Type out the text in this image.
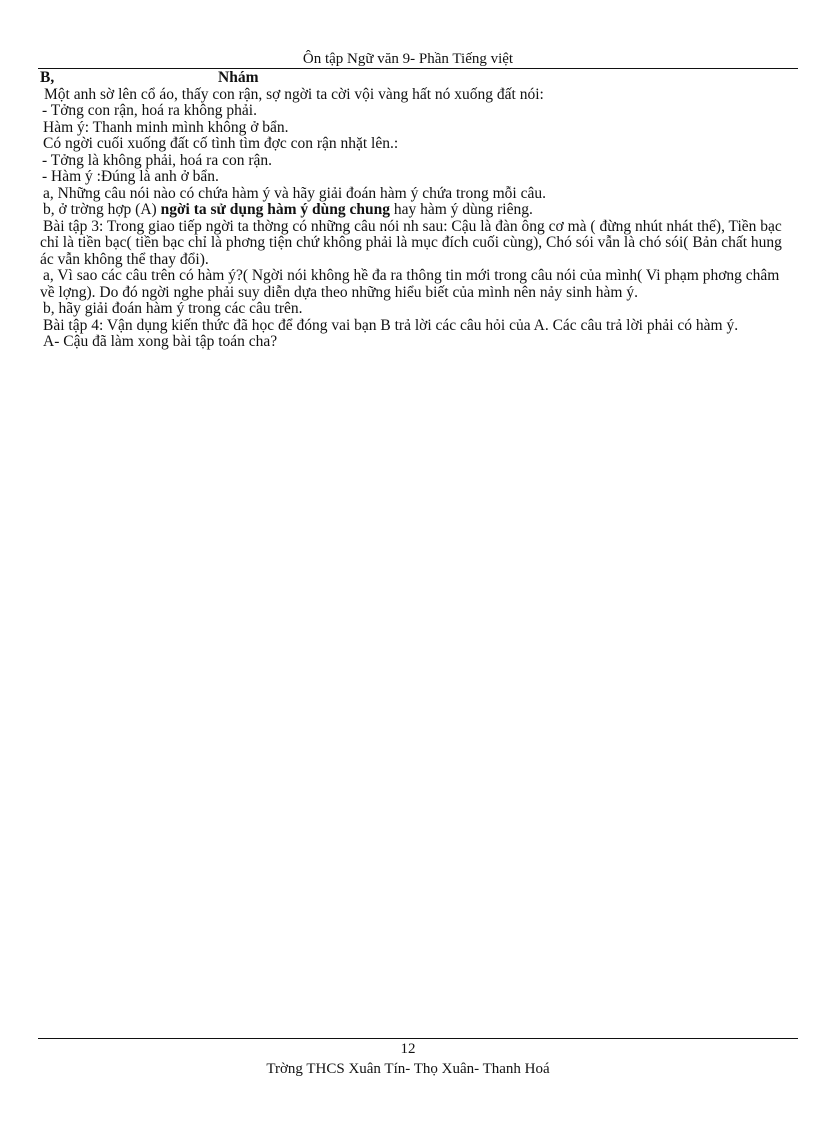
Ôn tập Ngữ văn 9- Phần Tiếng việt
B,	Nhám
Một anh sờ lên cổ áo, thấy con rận, sợ ngời ta cời vội vàng hất nó xuống đất nói:
- Tởng con rận, hoá ra không phải.
Hàm ý: Thanh minh mình không ở bẩn.
Có ngời cuối xuống đất cố tình tìm đợc con rận nhặt lên.:
- Tởng là không phải, hoá ra con rận.
- Hàm ý :Đúng là anh ở bẩn.
a, Những câu nói nào có chứa hàm ý và hãy giải đoán hàm ý chứa trong mỗi câu.
b, ở trờng hợp (A) ngời ta sử dụng hàm ý dùng chung hay hàm ý dùng riêng.
Bài tập 3: Trong giao tiếp ngời ta thờng có những câu nói nh sau: Cậu là đàn ông cơ mà ( đừng nhút nhát thế), Tiền bạc chỉ là tiền bạc( tiền bạc chỉ là phơng tiện chứ không phải là mục đích cuối cùng), Chó sói vẫn là chó sói( Bản chất hung ác vẫn không thể thay đổi).
a, Vì sao các câu trên có hàm ý?( Ngời nói không hề đa ra thông tin mới trong câu nói của mình( Vi phạm phơng châm về lợng). Do đó ngời nghe phải suy diễn dựa theo những hiểu biết của mình nên nảy sinh hàm ý.
b, hãy giải đoán hàm ý trong các câu trên.
Bài tập 4: Vận dụng kiến thức đã học để đóng vai bạn B trả lời các câu hỏi của A. Các câu trả lời phải có hàm ý.
A- Cậu đã làm xong bài tập toán cha?
12
Trờng THCS Xuân Tín- Thọ Xuân- Thanh Hoá
